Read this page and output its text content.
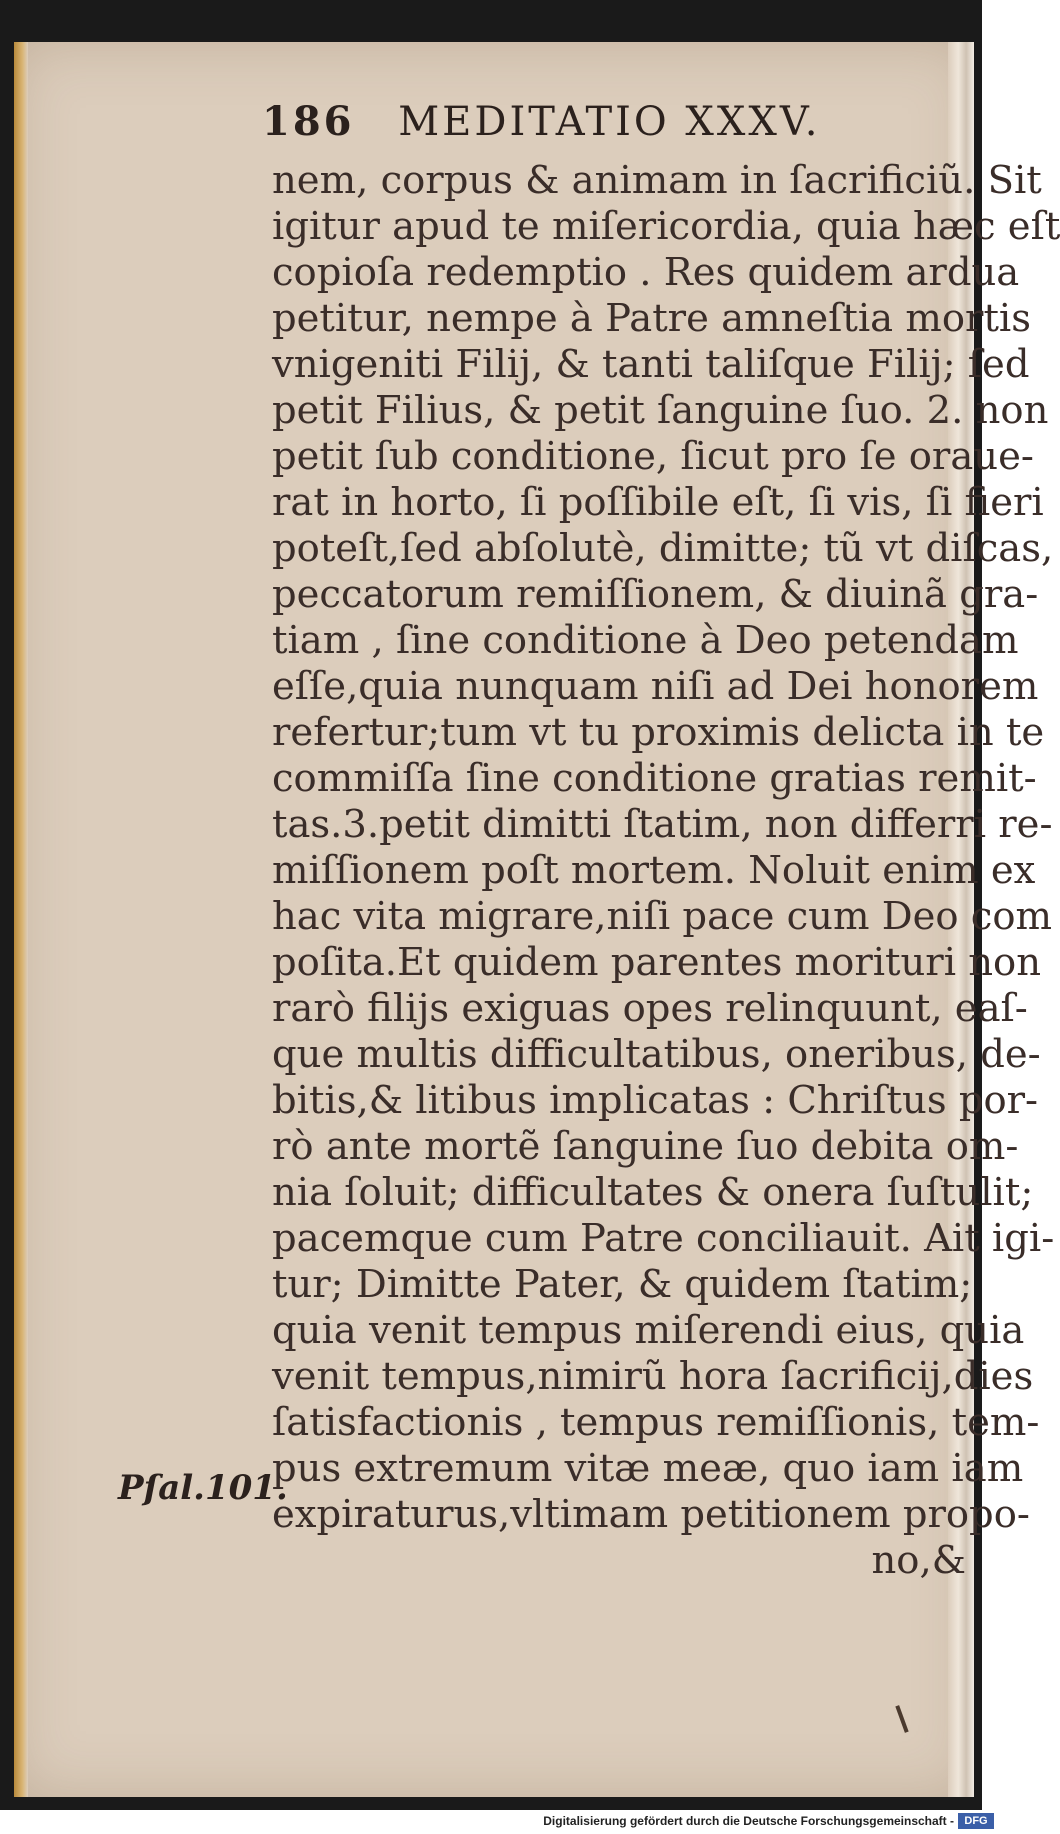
186 MEDITATIO XXXV.
nem, corpus & animam in ſacrificiũ. Sit
igitur apud te miſericordia, quia hæc eſt
copioſa redemptio . Res quidem ardua
petitur, nempe à Patre amneſtia mortis
vnigeniti Filij, & tanti taliſque Filij; ſed
petit Filius, & petit ſanguine ſuo. 2. non
petit ſub conditione, ſicut pro ſe oraue-
rat in horto, ſi poſſibile eſt, ſi vis, ſi fieri
poteſt,ſed abſolutè, dimitte; tũ vt diſcas,
peccatorum remiſſionem, & diuinã gra-
tiam , ſine conditione à Deo petendam
eſſe,quia nunquam niſi ad Dei honorem
refertur;tum vt tu proximis delicta in te
commiſſa ſine conditione gratias remit-
tas.3.petit dimitti ſtatim, non differri re-
miſſionem poſt mortem. Noluit enim ex
hac vita migrare,niſi pace cum Deo com
poſita.Et quidem parentes morituri non
rarò filijs exiguas opes relinquunt, eaſ-
que multis difficultatibus, oneribus, de-
bitis,& litibus implicatas : Chriſtus por-
rò ante mortẽ ſanguine ſuo debita om-
nia ſoluit; difficultates & onera ſuſtulit;
pacemque cum Patre conciliauit. Ait igi-
tur; Dimitte Pater, & quidem ſtatim;
quia venit tempus miſerendi eius, quia
venit tempus,nimirũ hora ſacrificij,dies
ſatisfactionis , tempus remiſſionis, tem-
pus extremum vitæ meæ, quo iam iam
expiraturus,vltimam petitionem propo-
no,&
Pſal.101.
Digitalisierung gefördert durch die Deutsche Forschungsgemeinschaft - DFG
